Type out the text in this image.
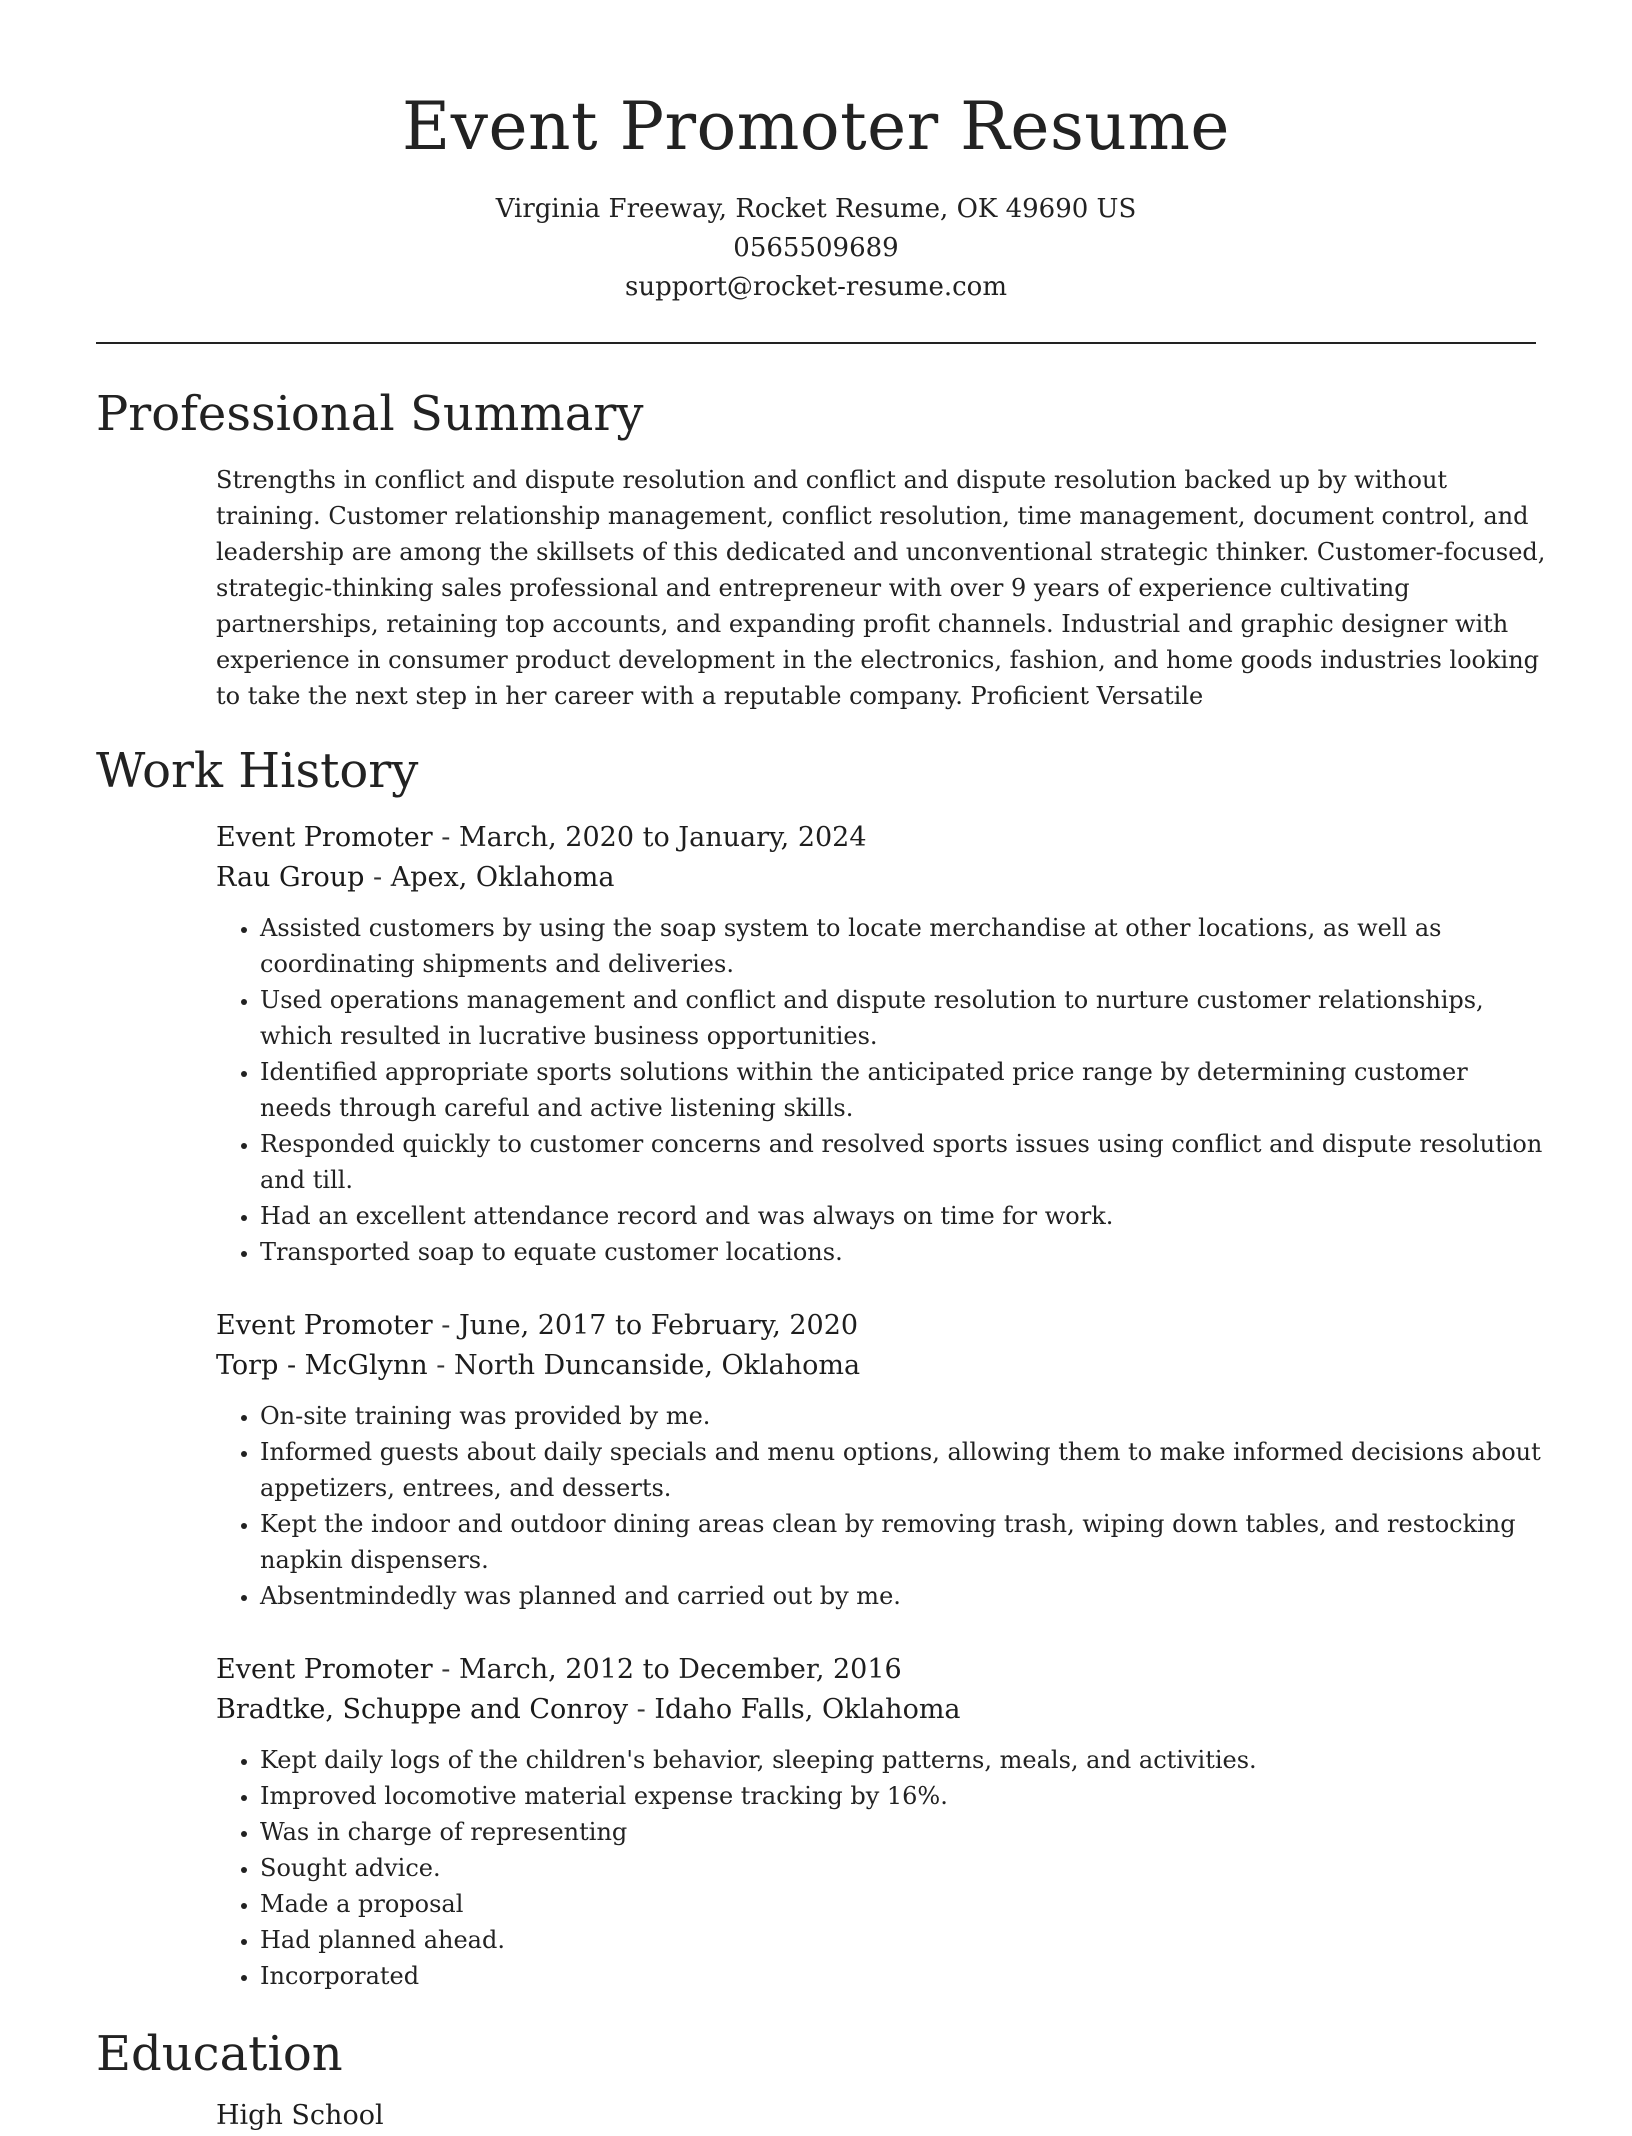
Event Promoter Resume
Virginia Freeway, Rocket Resume, OK 49690 US
0565509689
support@rocket-resume.com
Professional Summary

Strengths in conflict and dispute resolution and conflict and dispute resolution backed up by without training. Customer relationship management, conflict resolution, time management, document control, and leadership are among the skillsets of this dedicated and unconventional strategic thinker. Customer-focused, strategic-thinking sales professional and entrepreneur with over 9 years of experience cultivating partnerships, retaining top accounts, and expanding profit channels. Industrial and graphic designer with experience in consumer product development in the electronics, fashion, and home goods industries looking to take the next step in her career with a reputable company. Proficient Versatile

Work History

Event Promoter - March, 2020 to January, 2024

Rau Group - Apex, Oklahoma

• Assisted customers by using the soap system to locate merchandise at other locations, as well as coordinating shipments and deliveries.
• Used operations management and conflict and dispute resolution to nurture customer relationships, which resulted in lucrative business opportunities.
• Identified appropriate sports solutions within the anticipated price range by determining customer needs through careful and active listening skills.
• Responded quickly to customer concerns and resolved sports issues using conflict and dispute resolution and till.
• Had an excellent attendance record and was always on time for work.
• Transported soap to equate customer locations.

Event Promoter - June, 2017 to February, 2020

Torp - McGlynn - North Duncanside, Oklahoma

• On-site training was provided by me.
• Informed guests about daily specials and menu options, allowing them to make informed decisions about appetizers, entrees, and desserts.
• Kept the indoor and outdoor dining areas clean by removing trash, wiping down tables, and restocking napkin dispensers.
• Absentmindedly was planned and carried out by me.

Event Promoter - March, 2012 to December, 2016

Bradtke, Schuppe and Conroy - Idaho Falls, Oklahoma

• Kept daily logs of the children's behavior, sleeping patterns, meals, and activities.
• Improved locomotive material expense tracking by 16%.
• Was in charge of representing
• Sought advice.
• Made a proposal
• Had planned ahead.
• Incorporated
Education
High School
